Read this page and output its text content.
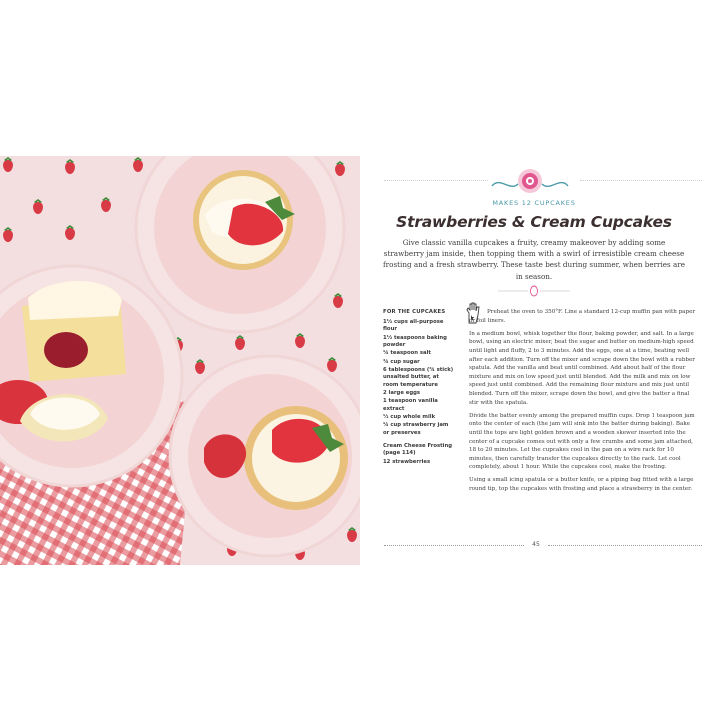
MAKES 12 CUPCAKES
Strawberries & Cream Cupcakes
Give classic vanilla cupcakes a fruity, creamy makeover by adding some strawberry jam inside, then topping them with a swirl of irresistible cream cheese frosting and a fresh strawberry. These taste best during summer, when berries are in season.
FOR THE CUPCAKES
1½ cups all-purpose flour
1½ teaspoons baking powder
¼ teaspoon salt
¾ cup sugar
6 tablespoons (¾ stick) unsalted butter, at room temperature
2 large eggs
1 teaspoon vanilla extract
½ cup whole milk
¼ cup strawberry jam or preserves
Cream Cheese Frosting (page 114)
12 strawberries

Preheat the oven to 350°F. Line a standard 12-cup muffin pan with paper or foil liners.

In a medium bowl, whisk together the flour, baking powder, and salt. In a large bowl, using an electric mixer, beat the sugar and butter on medium-high speed until light and fluffy, 2 to 3 minutes. Add the eggs, one at a time, beating well after each addition. Turn off the mixer and scrape down the bowl with a rubber spatula. Add the vanilla and beat until combined. Add about half of the flour mixture and mix on low speed just until blended. Add the milk and mix on low speed just until combined. Add the remaining flour mixture and mix just until blended. Turn off the mixer, scrape down the bowl, and give the batter a final stir with the spatula.

Divide the batter evenly among the prepared muffin cups. Drop 1 teaspoon jam onto the center of each (the jam will sink into the batter during baking). Bake until the tops are light golden brown and a wooden skewer inserted into the center of a cupcake comes out with only a few crumbs and some jam attached, 18 to 20 minutes. Let the cupcakes cool in the pan on a wire rack for 10 minutes, then carefully transfer the cupcakes directly to the rack. Let cool completely, about 1 hour. While the cupcakes cool, make the frosting.

Using a small icing spatula or a butter knife, or a piping bag fitted with a large round tip, top the cupcakes with frosting and place a strawberry in the center.

45
